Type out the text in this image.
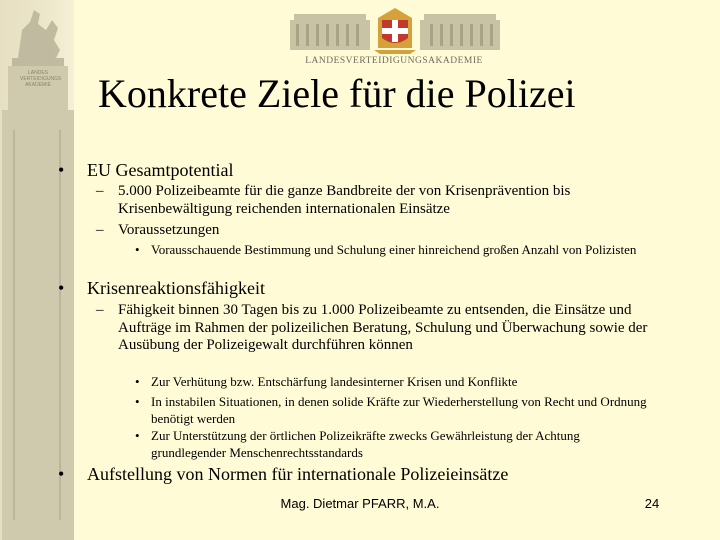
LANDES VERTEIDIGUNGS AKADEMIE
LANDESVERTEIDIGUNGSAKADEMIE
Konkrete Ziele für die Polizei
• EU Gesamtpotential
– 5.000 Polizeibeamte für die ganze Bandbreite der von Krisenprävention bis Krisenbewältigung reichenden internationalen Einsätze
– Voraussetzungen
• Vorausschauende Bestimmung und Schulung einer hinreichend großen Anzahl von Polizisten
• Krisenreaktionsfähigkeit
– Fähigkeit binnen 30 Tagen bis zu 1.000 Polizeibeamte zu entsenden, die Einsätze und Aufträge im Rahmen der polizeilichen Beratung, Schulung und Überwachung sowie der Ausübung der Polizeigewalt durchführen können
• Zur Verhütung bzw. Entschärfung landesinterner Krisen und Konflikte
• In instabilen Situationen, in denen solide Kräfte zur Wiederherstellung von Recht und Ordnung benötigt werden
• Zur Unterstützung der örtlichen Polizeikräfte zwecks Gewährleistung der Achtung grundlegender Menschenrechtsstandards
• Aufstellung von Normen für internationale Polizeieinsätze
Mag. Dietmar PFARR, M.A.	24
